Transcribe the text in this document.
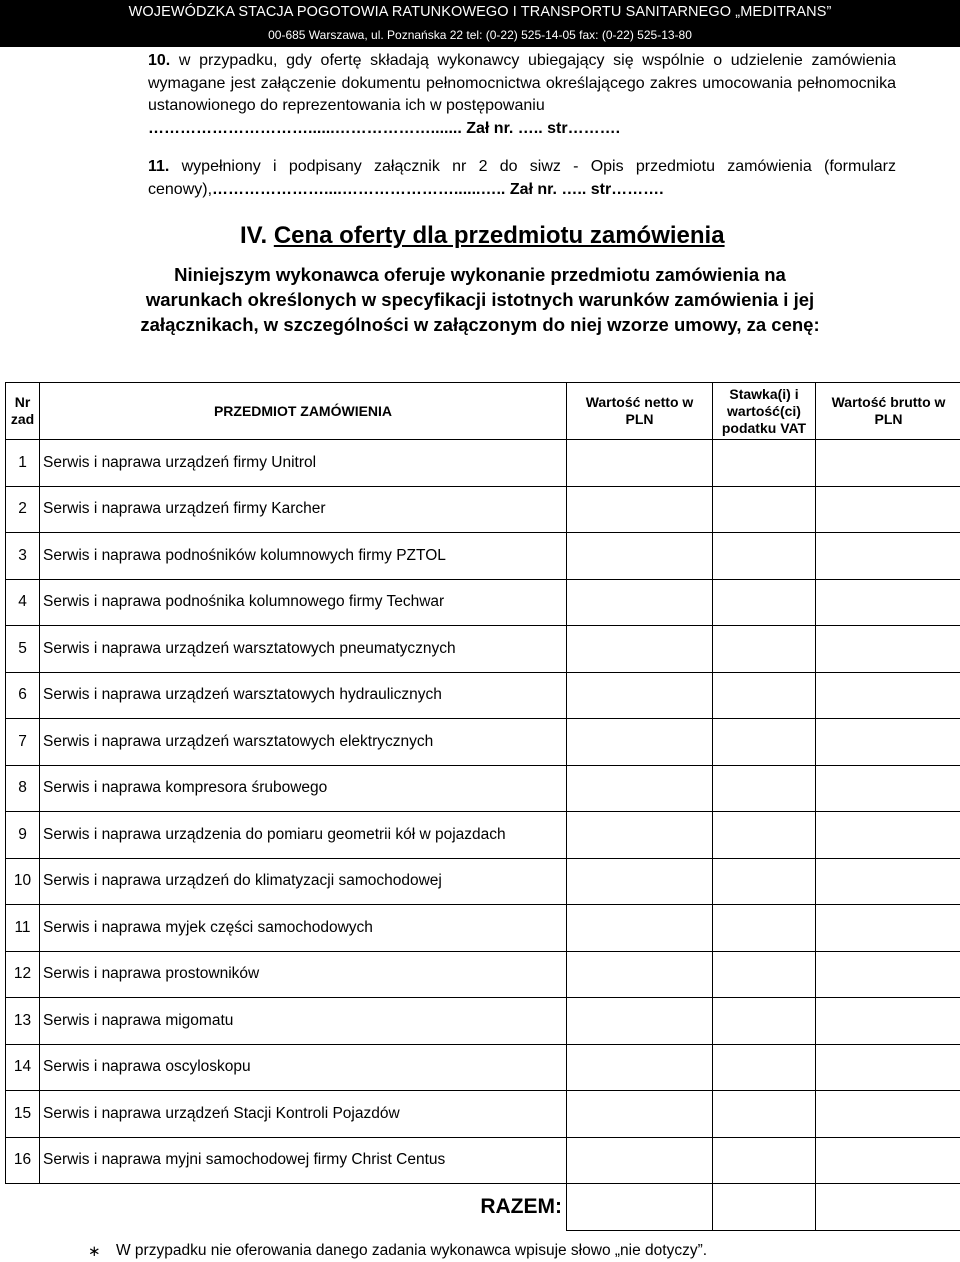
WOJEWÓDZKA STACJA POGOTOWIA RATUNKOWEGO I TRANSPORTU SANITARNEGO „MEDITRANS”
00-685 Warszawa, ul. Poznańska 22 tel: (0-22) 525-14-05 fax: (0-22) 525-13-80
10. w przypadku, gdy ofertę składają wykonawcy ubiegający się wspólnie o udzielenie zamówienia wymagane jest załączenie dokumentu pełnomocnictwa określającego zakres umocowania pełnomocnika ustanowionego do reprezentowania ich w postępowaniu
…………………………......………………....... Zał nr. ….. str……….
11. wypełniony i podpisany załącznik nr 2 do siwz - Opis przedmiotu zamówienia (formularz cenowy),…………………....…………………......….. Zał nr. ….. str……….
IV. Cena oferty dla przedmiotu zamówienia
Niniejszym wykonawca oferuje wykonanie przedmiotu zamówienia na warunkach określonych w specyfikacji istotnych warunków zamówienia i jej załącznikach, w szczególności w załączonym do niej wzorze umowy, za cenę:
Nr zad	PRZEDMIOT ZAMÓWIENIA	Wartość netto w PLN	Stawka(i) i wartość(ci) podatku VAT	Wartość brutto w PLN
1	Serwis i naprawa urządzeń firmy Unitrol			
2	Serwis i naprawa urządzeń firmy Karcher			
3	Serwis i naprawa podnośników kolumnowych firmy PZTOL			
4	Serwis i naprawa podnośnika kolumnowego firmy Techwar			
5	Serwis i naprawa urządzeń warsztatowych pneumatycznych			
6	Serwis i naprawa urządzeń warsztatowych hydraulicznych			
7	Serwis i naprawa urządzeń warsztatowych elektrycznych			
8	Serwis i naprawa kompresora śrubowego			
9	Serwis i naprawa urządzenia do pomiaru geometrii kół w pojazdach			
10	Serwis i naprawa urządzeń do klimatyzacji samochodowej			
11	Serwis i naprawa myjek części samochodowych			
12	Serwis i naprawa prostowników			
13	Serwis i naprawa migomatu			
14	Serwis i naprawa oscyloskopu			
15	Serwis i naprawa urządzeń Stacji Kontroli Pojazdów			
16	Serwis i naprawa myjni samochodowej firmy Christ Centus			
	RAZEM:			
∗ W przypadku nie oferowania danego zadania wykonawca wpisuje słowo „nie dotyczy”.
